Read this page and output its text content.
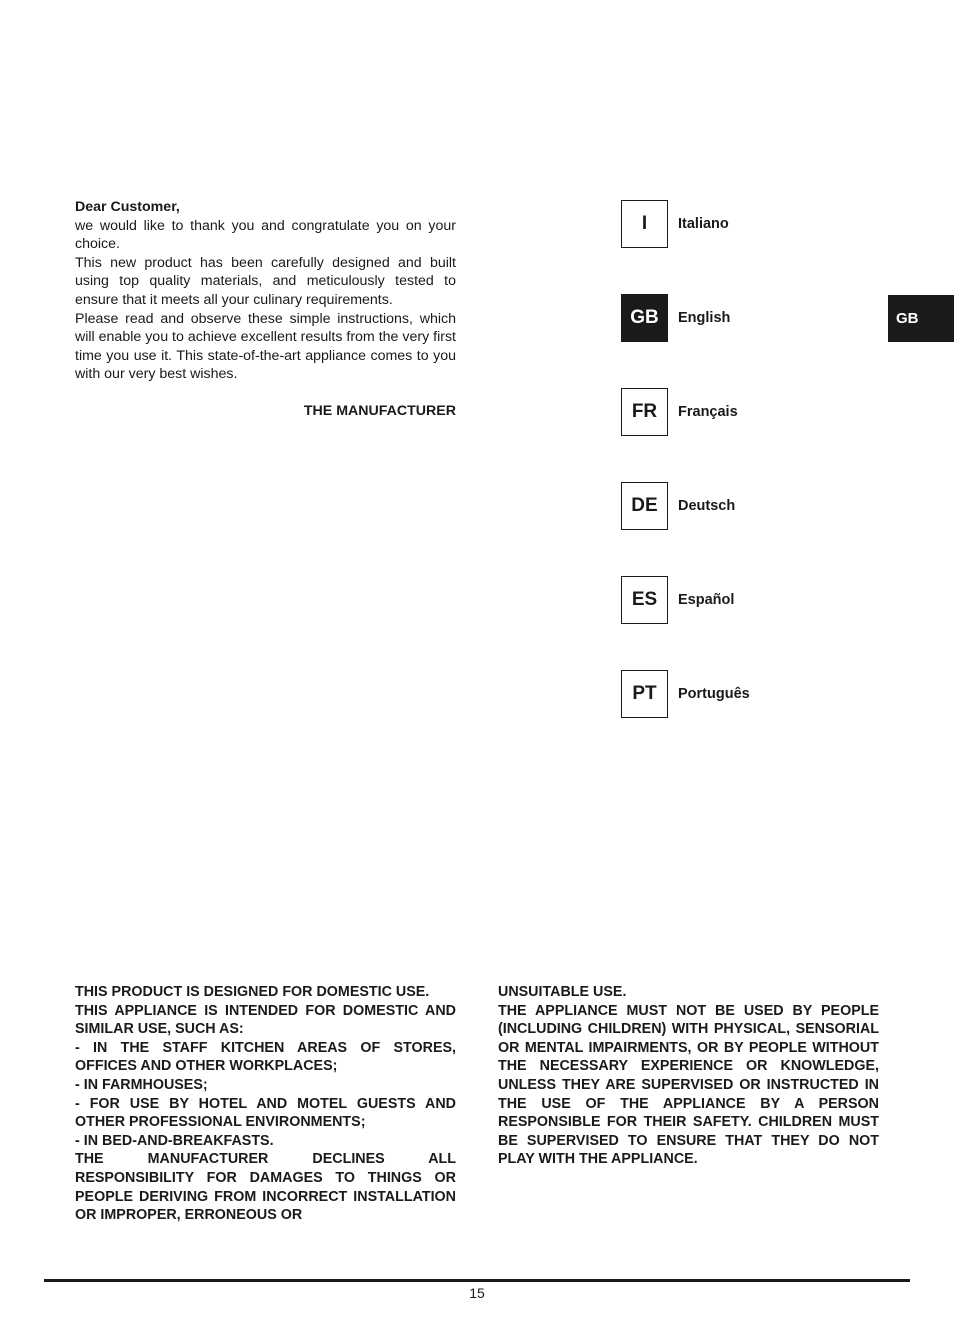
Dear Customer,

we would like to thank you and congratulate you on your choice.

This new product has been carefully designed and built using top quality materials, and meticulously tested to ensure that it meets all your culinary requirements.

Please read and observe these simple instructions, which will enable you to achieve excellent results from the very first time you use it. This state-of-the-art appliance comes to you with our very best wishes.

THE MANUFACTURER

I	Italiano
GB	English
FR	Français
DE	Deutsch
ES	Español
PT	Português
GB

THIS PRODUCT IS DESIGNED FOR DOMESTIC USE.

THIS APPLIANCE IS INTENDED FOR DOMESTIC AND SIMILAR USE, SUCH AS:

- IN THE STAFF KITCHEN AREAS OF STORES, OFFICES AND OTHER WORKPLACES;

- IN FARMHOUSES;

- FOR USE BY HOTEL AND MOTEL GUESTS AND OTHER PROFESSIONAL ENVIRONMENTS;

- IN BED-AND-BREAKFASTS.

THE MANUFACTURER DECLINES ALL RESPONSIBILITY FOR DAMAGES TO THINGS OR PEOPLE DERIVING FROM INCORRECT INSTALLATION OR IMPROPER, ERRONEOUS OR

UNSUITABLE USE.

THE APPLIANCE MUST NOT BE USED BY PEOPLE (INCLUDING CHILDREN) WITH PHYSICAL, SENSORIAL OR MENTAL IMPAIRMENTS, OR BY PEOPLE WITHOUT THE NECESSARY EXPERIENCE OR KNOWLEDGE, UNLESS THEY ARE SUPERVISED OR INSTRUCTED IN THE USE OF THE APPLIANCE BY A PERSON RESPONSIBLE FOR THEIR SAFETY. CHILDREN MUST BE SUPERVISED TO ENSURE THAT THEY DO NOT PLAY WITH THE APPLIANCE.

15
